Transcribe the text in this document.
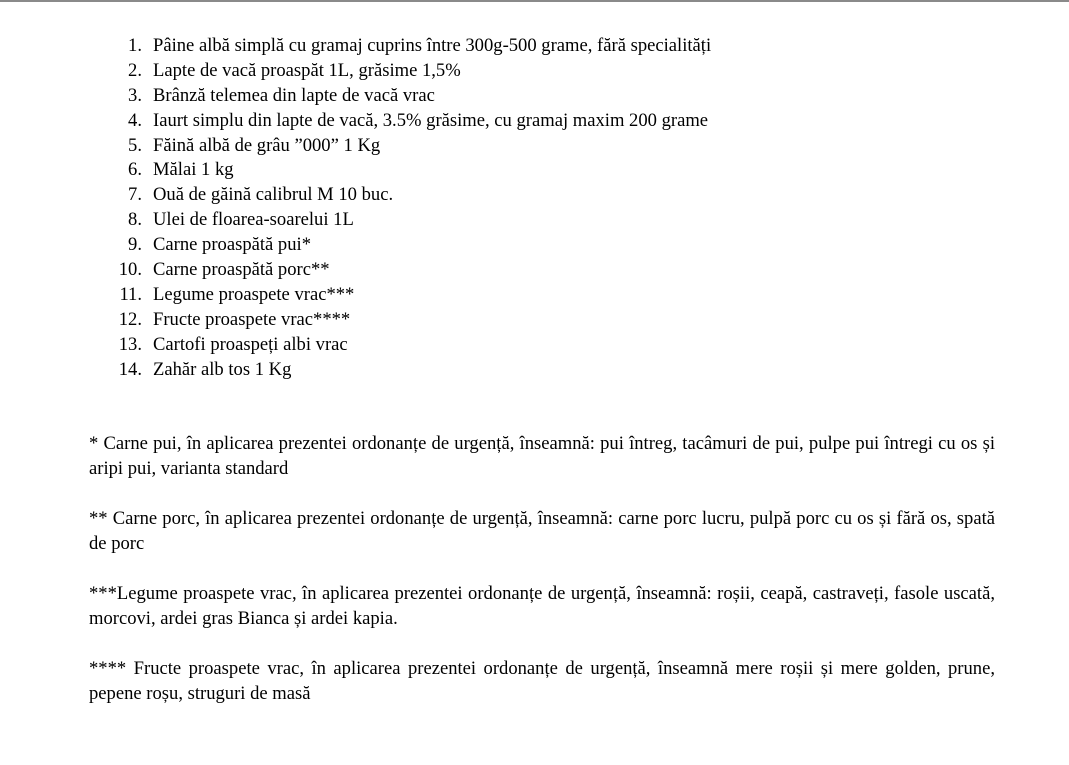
1. Pâine albă simplă cu gramaj cuprins între 300g-500 grame, fără specialități
2. Lapte de vacă proaspăt 1L, grăsime 1,5%
3. Brânză telemea din lapte de vacă vrac
4. Iaurt simplu din lapte de vacă, 3.5% grăsime, cu gramaj maxim 200 grame
5. Făină albă de grâu ”000” 1 Kg
6. Mălai 1 kg
7. Ouă de găină calibrul M 10 buc.
8. Ulei de floarea-soarelui 1L
9. Carne proaspătă pui*
10. Carne proaspătă porc**
11. Legume proaspete vrac***
12. Fructe proaspete vrac****
13. Cartofi proaspeți albi vrac
14. Zahăr alb tos 1 Kg

* Carne pui, în aplicarea prezentei ordonanțe de urgență, înseamnă: pui întreg, tacâmuri de pui, pulpe pui întregi cu os și aripi pui, varianta standard

** Carne porc, în aplicarea prezentei ordonanțe de urgență, înseamnă: carne porc lucru, pulpă porc cu os și fără os, spată de porc

***Legume proaspete vrac, în aplicarea prezentei ordonanțe de urgență, înseamnă: roșii, ceapă, castraveți, fasole uscată, morcovi, ardei gras Bianca și ardei kapia.

**** Fructe proaspete vrac, în aplicarea prezentei ordonanțe de urgență, înseamnă mere roșii și mere golden, prune, pepene roșu, struguri de masă
